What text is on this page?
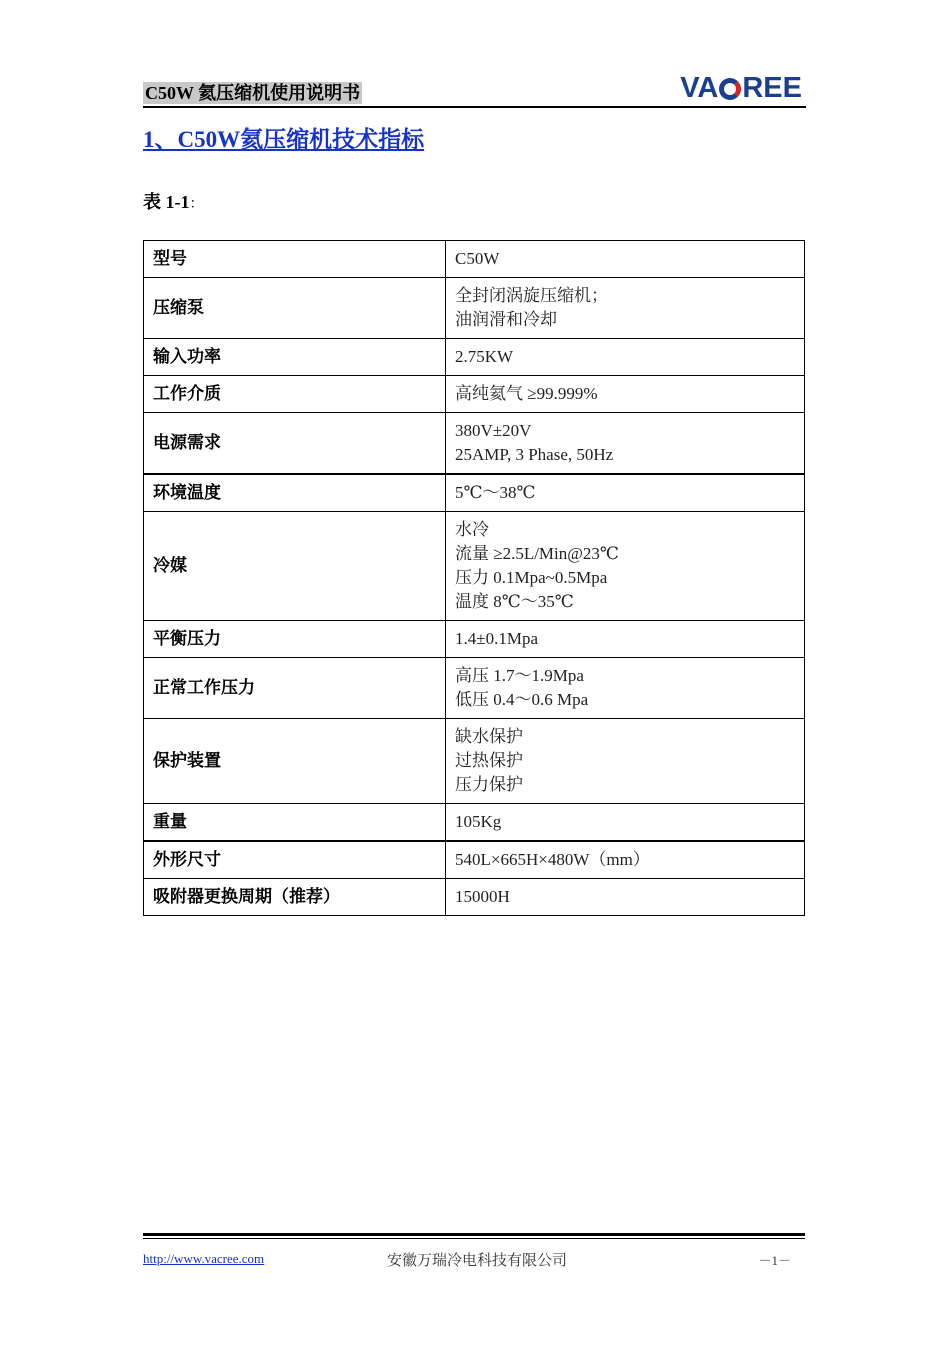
C50W 氦压缩机使用说明书	VA REE
1、C50W氦压缩机技术指标
表 1-1：
型号	C50W

压缩泵	全封闭涡旋压缩机；
油润滑和冷却

输入功率	2.75KW

工作介质	高纯氦气 ≥99.999%

电源需求	380V±20V
25AMP, 3 Phase, 50Hz

环境温度	5℃～38℃

冷媒	水冷
流量 ≥2.5L/Min@23℃
压力 0.1Mpa~0.5Mpa
温度 8℃～35℃

平衡压力	1.4±0.1Mpa

正常工作压力	高压 1.7～1.9Mpa
低压 0.4～0.6 Mpa

保护装置	缺水保护
过热保护
压力保护

重量	105Kg

外形尺寸	540L×665H×480W（mm）

吸附器更换周期（推荐）	15000H
http://www.vacree.com	安徽万瑞冷电科技有限公司	－1－
